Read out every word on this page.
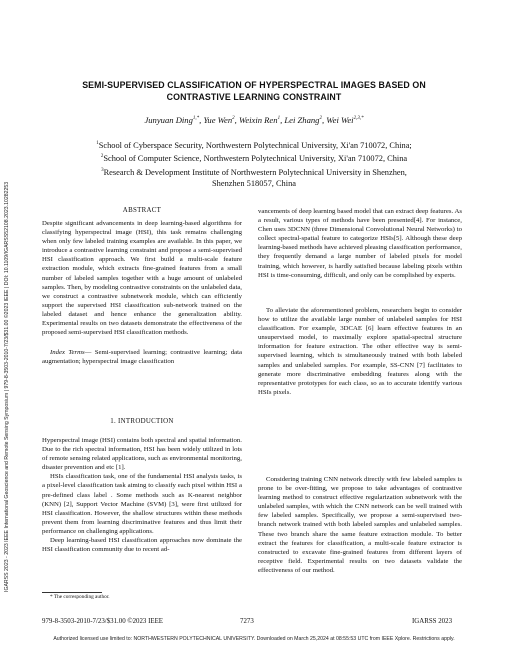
IGARSS 2023 - 2023 IEEE International Geoscience and Remote Sensing Symposium | 979-8-3503-2010-7/23/$31.00 ©2023 IEEE | DOI: 10.1109/IGARSS52108.2023.10282253
SEMI-SUPERVISED CLASSIFICATION OF HYPERSPECTRAL IMAGES BASED ON
CONTRASTIVE LEARNING CONSTRAINT
Junyuan Ding$^{1,*}$, Yue Wen$^2$, Weixin Ren$^1$, Lei Zhang$^2$, Wei Wei$^{2,3,*}$
$^1$School of Cyberspace Security, Northwestern Polytechnical University, Xi'an 710072, China;
$^2$School of Computer Science, Northwestern Polytechnical University, Xi'an 710072, China
$^3$Research & Development Institute of Northwestern Polytechnical University in Shenzhen,
Shenzhen 518057, China
ABSTRACT
Despite significant advancements in deep learning-based algorithms for classifying hyperspectral image (HSI), this task remains challenging when only few labeled training examples are available. In this paper, we introduce a contrastive learning constraint and propose a semi-supervised HSI classification approach. We first build a multi-scale feature extraction module, which extracts fine-grained features from a small number of labeled samples together with a huge amount of unlabeled samples. Then, by modeling contrastive constraints on the unlabeled data, we construct a contrastive subnetwork module, which can efficiently support the supervised HSI classification sub-network trained on the labeled dataset and hence enhance the generalization ability. Experimental results on two datasets demonstrate the effectiveness of the proposed semi-supervised HSI classification methods.
Index Terms— Semi-supervised learning; contrastive learning; data augmentation; hyperspectral image classification
1. INTRODUCTION
Hyperspectral image (HSI) contains both spectral and spatial information. Due to the rich spectral information, HSI has been widely utilized in lots of remote sensing related applications, such as environmental monitoring, disaster prevention and etc [1].
HSIs classification task, one of the fundamental HSI analysis tasks, is a pixel-level classification task aiming to classify each pixel within HSI a pre-defined class label . Some methods such as K-nearest neighbor (KNN) [2], Support Vector Machine (SVM) [3], were first utilized for HSI classification. However, the shallow structures within these methods prevent them from learning discriminative features and thus limit their performance on challenging applications.
Deep learning-based HSI classification approaches now dominate the HSI classification community due to recent ad-
* The corresponding author.
vancements of deep learning based model that can extract deep features. As a result, various types of methods have been presented[4]. For instance, Chen uses 3DCNN (three Dimensional Convolutional Neural Networks) to collect spectral-spatial feature to categorize HSIs[5]. Although these deep learning-based methods have achieved pleasing classification performance, they frequently demand a large number of labeled pixels for model training, which however, is hardly satisfied because labeling pixels within HSI is time-consuming, difficult, and only can be complished by experts.
To alleviate the aforementioned problem, researchers begin to consider how to utilize the available large number of unlabeled samples for HSI classification. For example, 3DCAE [6] learn effective features in an unsupervised model, to maximally explore spatial-spectral structure information for feature extraction. The other effective way is semi-supervised learning, which is simultaneously trained with both labeled samples and unlabeled samples. For example, SS-CNN [7] facilitates to generate more discriminative embedding features along with the representative prototypes for each class, so as to accurate identify various HSIs pixels.
Considering training CNN network directly with few labeled samples is prone to be over-fitting, we propose to take advantages of contrastive learning method to construct effective regularization subnetwork with the unlabeled samples, with which the CNN network can be well trained with few labeled samples. Specifically, we propose a semi-supervised two-branch network trained with both labeled samples and unlabeled samples. These two branch share the same feature extraction module. To better extract the features for classification, a multi-scale feature extractor is constructed to excavate fine-grained features from different layers of receptive field. Experimental results on two datasets validate the effectiveness of our method.
979-8-3503-2010-7/23/$31.00 ©2023 IEEE	7273	IGARSS 2023
Authorized licensed use limited to: NORTHWESTERN POLYTECHNICAL UNIVERSITY. Downloaded on March 25,2024 at 08:55:53 UTC from IEEE Xplore. Restrictions apply.
